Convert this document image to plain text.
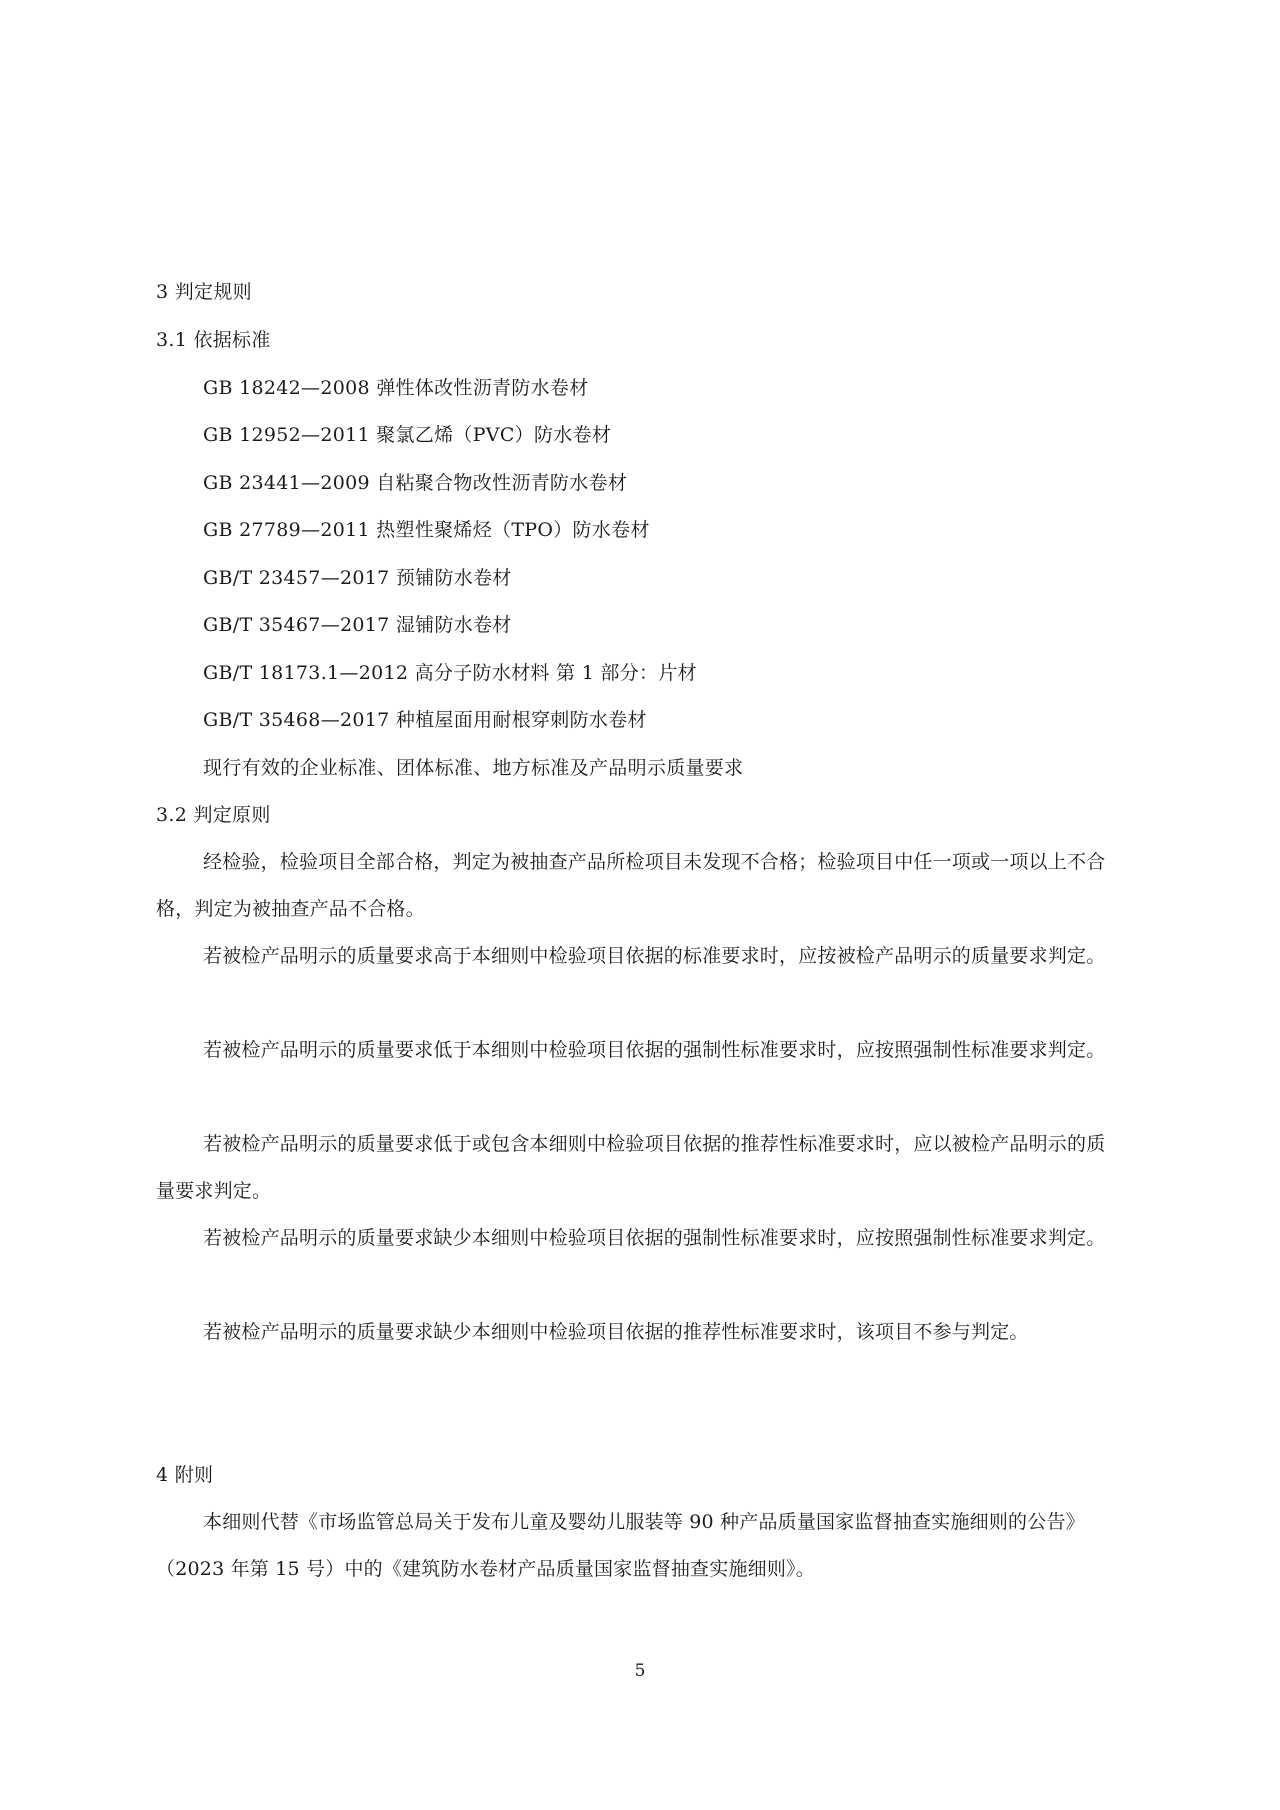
3 判定规则
3.1 依据标准
GB 18242—2008 弹性体改性沥青防水卷材
GB 12952—2011 聚氯乙烯（PVC）防水卷材
GB 23441—2009 自粘聚合物改性沥青防水卷材
GB 27789—2011 热塑性聚烯烃（TPO）防水卷材
GB/T 23457—2017 预铺防水卷材
GB/T 35467—2017 湿铺防水卷材
GB/T 18173.1—2012 高分子防水材料 第 1 部分：片材
GB/T 35468—2017 种植屋面用耐根穿刺防水卷材
现行有效的企业标准、团体标准、地方标准及产品明示质量要求
3.2 判定原则
经检验，检验项目全部合格，判定为被抽查产品所检项目未发现不合格；检验项目中任一项或一项以上不合格，判定为被抽查产品不合格。
若被检产品明示的质量要求高于本细则中检验项目依据的标准要求时，应按被检产品明示的质量要求判定。
若被检产品明示的质量要求低于本细则中检验项目依据的强制性标准要求时，应按照强制性标准要求判定。
若被检产品明示的质量要求低于或包含本细则中检验项目依据的推荐性标准要求时，应以被检产品明示的质量要求判定。
若被检产品明示的质量要求缺少本细则中检验项目依据的强制性标准要求时，应按照强制性标准要求判定。
若被检产品明示的质量要求缺少本细则中检验项目依据的推荐性标准要求时，该项目不参与判定。
4 附则
本细则代替《市场监管总局关于发布儿童及婴幼儿服装等 90 种产品质量国家监督抽查实施细则的公告》（2023 年第 15 号）中的《建筑防水卷材产品质量国家监督抽查实施细则》。
5
